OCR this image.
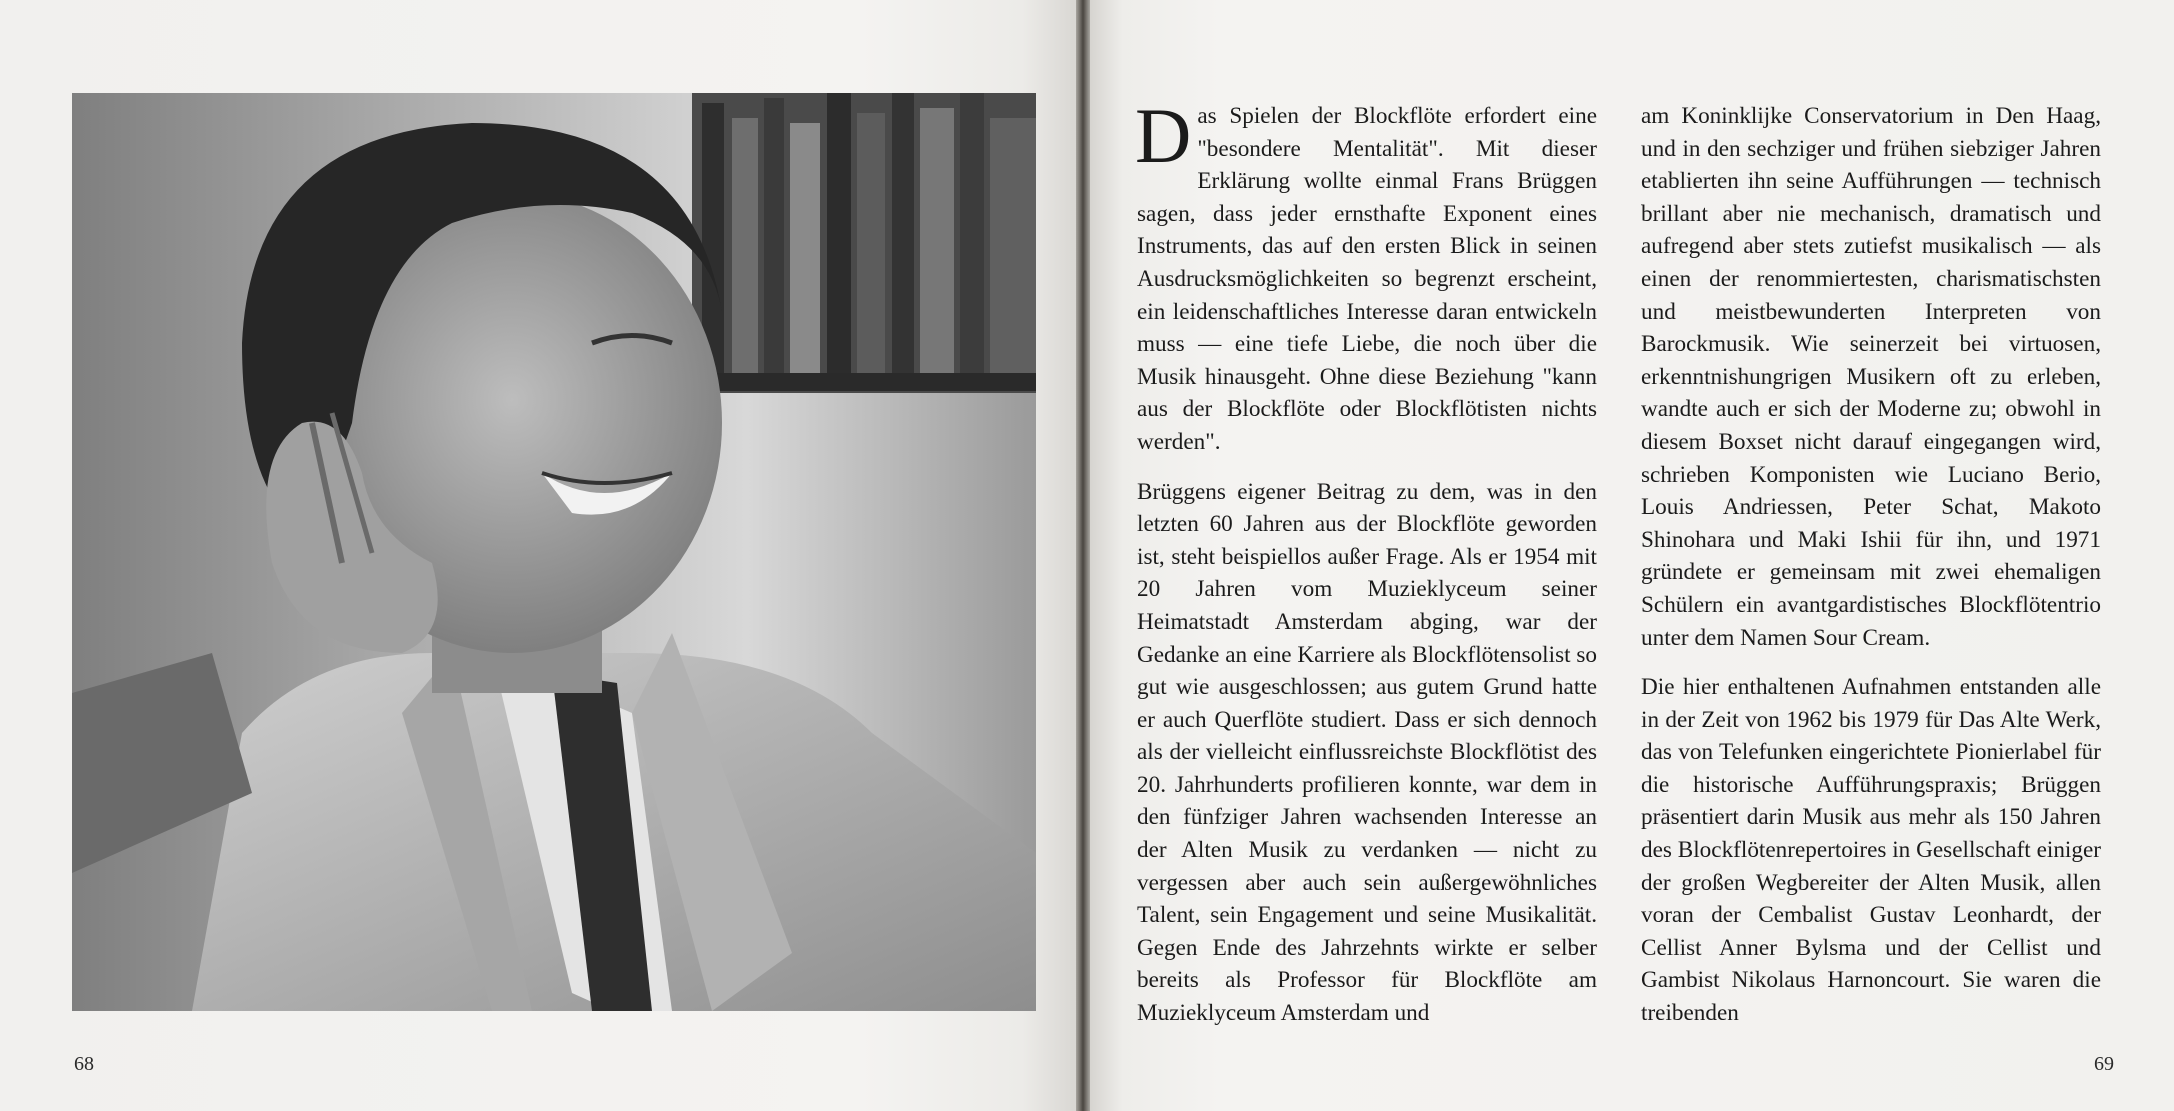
68

Das Spielen der Blockflöte erfordert eine "besondere Mentalität". Mit dieser Erklärung wollte einmal Frans Brüggen sagen, dass jeder ernsthafte Exponent eines Instruments, das auf den ersten Blick in seinen Ausdrucksmöglichkeiten so begrenzt erscheint, ein leidenschaftliches Interesse daran entwickeln muss — eine tiefe Liebe, die noch über die Musik hinausgeht. Ohne diese Beziehung "kann aus der Blockflöte oder Blockflötisten nichts werden".

Brüggens eigener Beitrag zu dem, was in den letzten 60 Jahren aus der Blockflöte geworden ist, steht beispiellos außer Frage. Als er 1954 mit 20 Jahren vom Muzieklyceum seiner Heimatstadt Amsterdam abging, war der Gedanke an eine Karriere als Blockflötensolist so gut wie ausgeschlossen; aus gutem Grund hatte er auch Querflöte studiert. Dass er sich dennoch als der vielleicht einflussreichste Blockflötist des 20. Jahrhunderts profilieren konnte, war dem in den fünfziger Jahren wachsenden Interesse an der Alten Musik zu verdanken — nicht zu vergessen aber auch sein außergewöhnliches Talent, sein Engagement und seine Musikalität. Gegen Ende des Jahrzehnts wirkte er selber bereits als Professor für Blockflöte am Muzieklyceum Amsterdam und

am Koninklijke Conservatorium in Den Haag, und in den sechziger und frühen siebziger Jahren etablierten ihn seine Aufführungen — technisch brillant aber nie mechanisch, dramatisch und aufregend aber stets zutiefst musikalisch — als einen der renommiertesten, charismatischsten und meistbewunderten Interpreten von Barockmusik. Wie seinerzeit bei virtuosen, erkenntnishungrigen Musikern oft zu erleben, wandte auch er sich der Moderne zu; obwohl in diesem Boxset nicht darauf eingegangen wird, schrieben Komponisten wie Luciano Berio, Louis Andriessen, Peter Schat, Makoto Shinohara und Maki Ishii für ihn, und 1971 gründete er gemeinsam mit zwei ehemaligen Schülern ein avantgardistisches Blockflötentrio unter dem Namen Sour Cream.

Die hier enthaltenen Aufnahmen entstanden alle in der Zeit von 1962 bis 1979 für Das Alte Werk, das von Telefunken eingerichtete Pionierlabel für die historische Aufführungspraxis; Brüggen präsentiert darin Musik aus mehr als 150 Jahren des Blockflötenrepertoires in Gesellschaft einiger der großen Wegbereiter der Alten Musik, allen voran der Cembalist Gustav Leonhardt, der Cellist Anner Bylsma und der Cellist und Gambist Nikolaus Harnoncourt. Sie waren die treibenden

69
